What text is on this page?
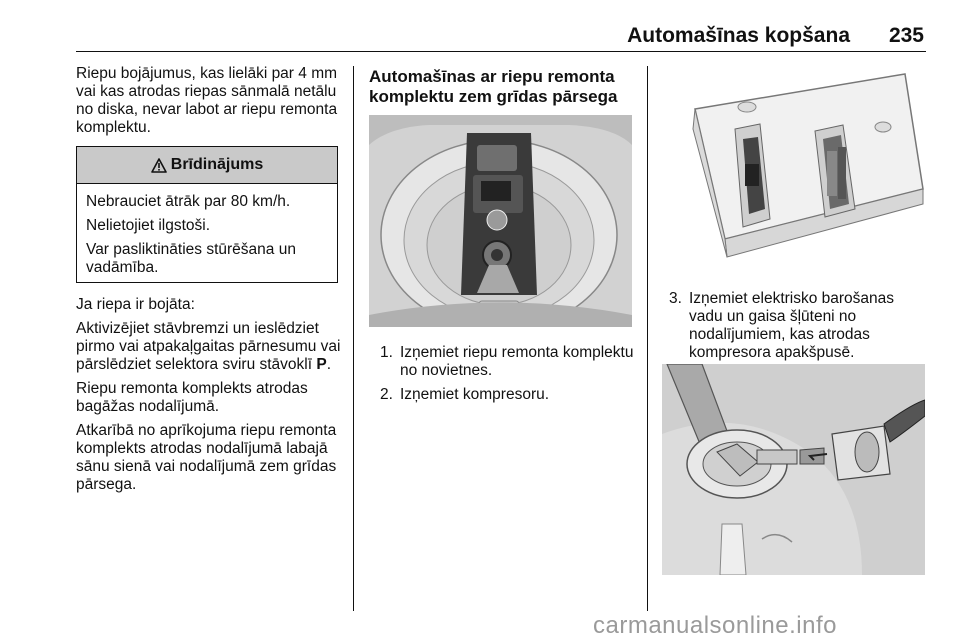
Automašīnas kopšana	235

Riepu bojājumus, kas lielāki par 4 mm vai kas atrodas riepas sānmalā netālu no diska, nevar labot ar riepu remonta komplektu.

Brīdinājums

Nebrauciet ātrāk par 80 km/h.

Nelietojiet ilgstoši.

Var pasliktināties stūrēšana un vadāmība.

Ja riepa ir bojāta:

Aktivizējiet stāvbremzi un ieslēdziet pirmo vai atpakaļgaitas pārnesumu vai pārslēdziet selektora sviru stāvoklī P.

Riepu remonta komplekts atrodas bagāžas nodalījumā.

Atkarībā no aprīkojuma riepu remonta komplekts atrodas nodalījumā labajā sānu sienā vai nodalījumā zem grīdas pārsega.

Automašīnas ar riepu remonta komplektu zem grīdas pārsega
1. Izņemiet riepu remonta komplektu no novietnes.
2. Izņemiet kompresoru.
3. Izņemiet elektrisko barošanas vadu un gaisa šļūteni no nodalījumiem, kas atrodas kompresora apakšpusē.
carmanualsonline.info
